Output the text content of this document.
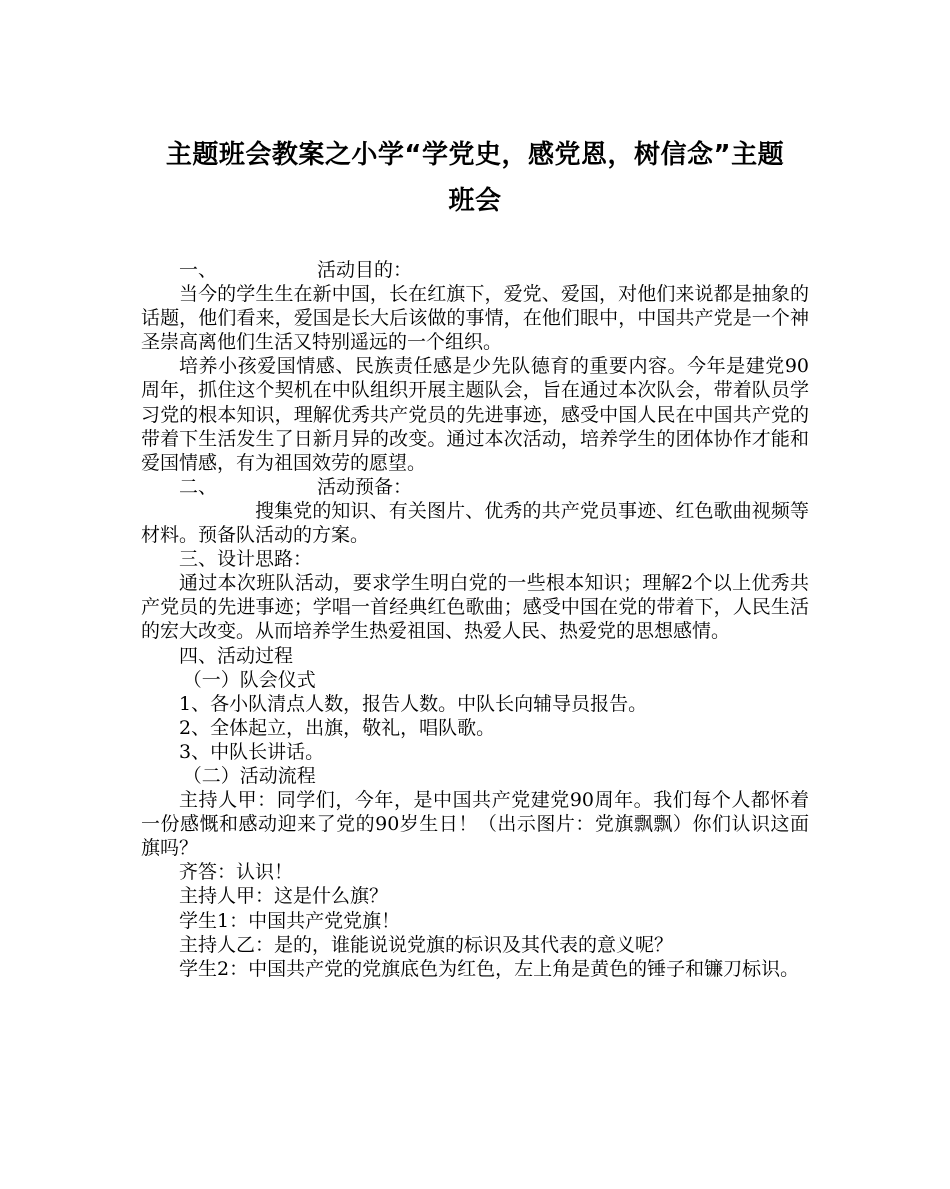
主题班会教案之小学“学党史，感党恩，树信念”主题
班会

一、	活动目的：

当今的学生生在新中国，长在红旗下，爱党、爱国，对他们来说都是抽象的话题，他们看来，爱国是长大后该做的事情，在他们眼中，中国共产党是一个神圣崇高离他们生活又特别遥远的一个组织。

培养小孩爱国情感、民族责任感是少先队德育的重要内容。今年是建党90周年，抓住这个契机在中队组织开展主题队会，旨在通过本次队会，带着队员学习党的根本知识，理解优秀共产党员的先进事迹，感受中国人民在中国共产党的带着下生活发生了日新月异的改变。通过本次活动，培养学生的团体协作才能和爱国情感，有为祖国效劳的愿望。

二、	活动预备：

搜集党的知识、有关图片、优秀的共产党员事迹、红色歌曲视频等材料。预备队活动的方案。

三、设计思路：

通过本次班队活动，要求学生明白党的一些根本知识；理解2个以上优秀共产党员的先进事迹；学唱一首经典红色歌曲；感受中国在党的带着下，人民生活的宏大改变。从而培养学生热爱祖国、热爱人民、热爱党的思想感情。

四、活动过程

（一）队会仪式

1、各小队清点人数，报告人数。中队长向辅导员报告。

2、全体起立，出旗，敬礼，唱队歌。

3、中队长讲话。

（二）活动流程

主持人甲：同学们，今年，是中国共产党建党90周年。我们每个人都怀着一份感慨和感动迎来了党的90岁生日！（出示图片：党旗飘飘）你们认识这面旗吗？

齐答：认识！

主持人甲：这是什么旗？

学生1：中国共产党党旗！

主持人乙：是的，谁能说说党旗的标识及其代表的意义呢？

学生2：中国共产党的党旗底色为红色，左上角是黄色的锤子和镰刀标识。
